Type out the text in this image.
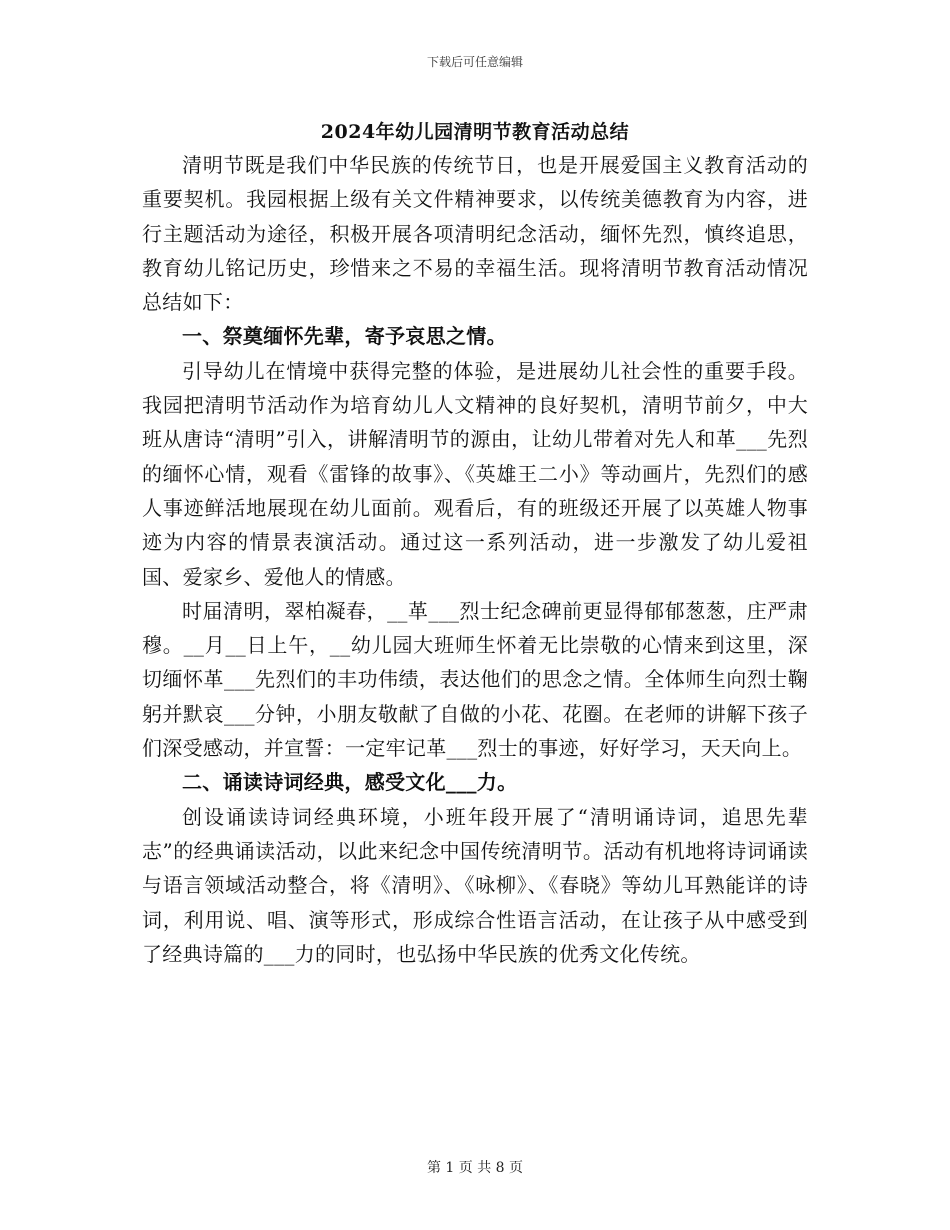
下载后可任意编辑
2024年幼儿园清明节教育活动总结

清明节既是我们中华民族的传统节日，也是开展爱国主义教育活动的重要契机。我园根据上级有关文件精神要求，以传统美德教育为内容，进行主题活动为途径，积极开展各项清明纪念活动，缅怀先烈，慎终追思，教育幼儿铭记历史，珍惜来之不易的幸福生活。现将清明节教育活动情况总结如下：

一、祭奠缅怀先辈，寄予哀思之情。

引导幼儿在情境中获得完整的体验，是进展幼儿社会性的重要手段。我园把清明节活动作为培育幼儿人文精神的良好契机，清明节前夕，中大班从唐诗“清明”引入，讲解清明节的源由，让幼儿带着对先人和革___先烈的缅怀心情，观看《雷锋的故事》、《英雄王二小》等动画片，先烈们的感人事迹鲜活地展现在幼儿面前。观看后，有的班级还开展了以英雄人物事迹为内容的情景表演活动。通过这一系列活动，进一步激发了幼儿爱祖国、爱家乡、爱他人的情感。

时届清明，翠柏凝春，__革___烈士纪念碑前更显得郁郁葱葱，庄严肃穆。__月__日上午，__幼儿园大班师生怀着无比崇敬的心情来到这里，深切缅怀革___先烈们的丰功伟绩，表达他们的思念之情。全体师生向烈士鞠躬并默哀___分钟，小朋友敬献了自做的小花、花圈。在老师的讲解下孩子们深受感动，并宣誓：一定牢记革___烈士的事迹，好好学习，天天向上。

二、诵读诗词经典，感受文化___力。

创设诵读诗词经典环境，小班年段开展了“清明诵诗词，追思先辈志”的经典诵读活动，以此来纪念中国传统清明节。活动有机地将诗词诵读与语言领域活动整合，将《清明》、《咏柳》、《春晓》等幼儿耳熟能详的诗词，利用说、唱、演等形式，形成综合性语言活动，在让孩子从中感受到了经典诗篇的___力的同时，也弘扬中华民族的优秀文化传统。

第 1 页 共 8 页
